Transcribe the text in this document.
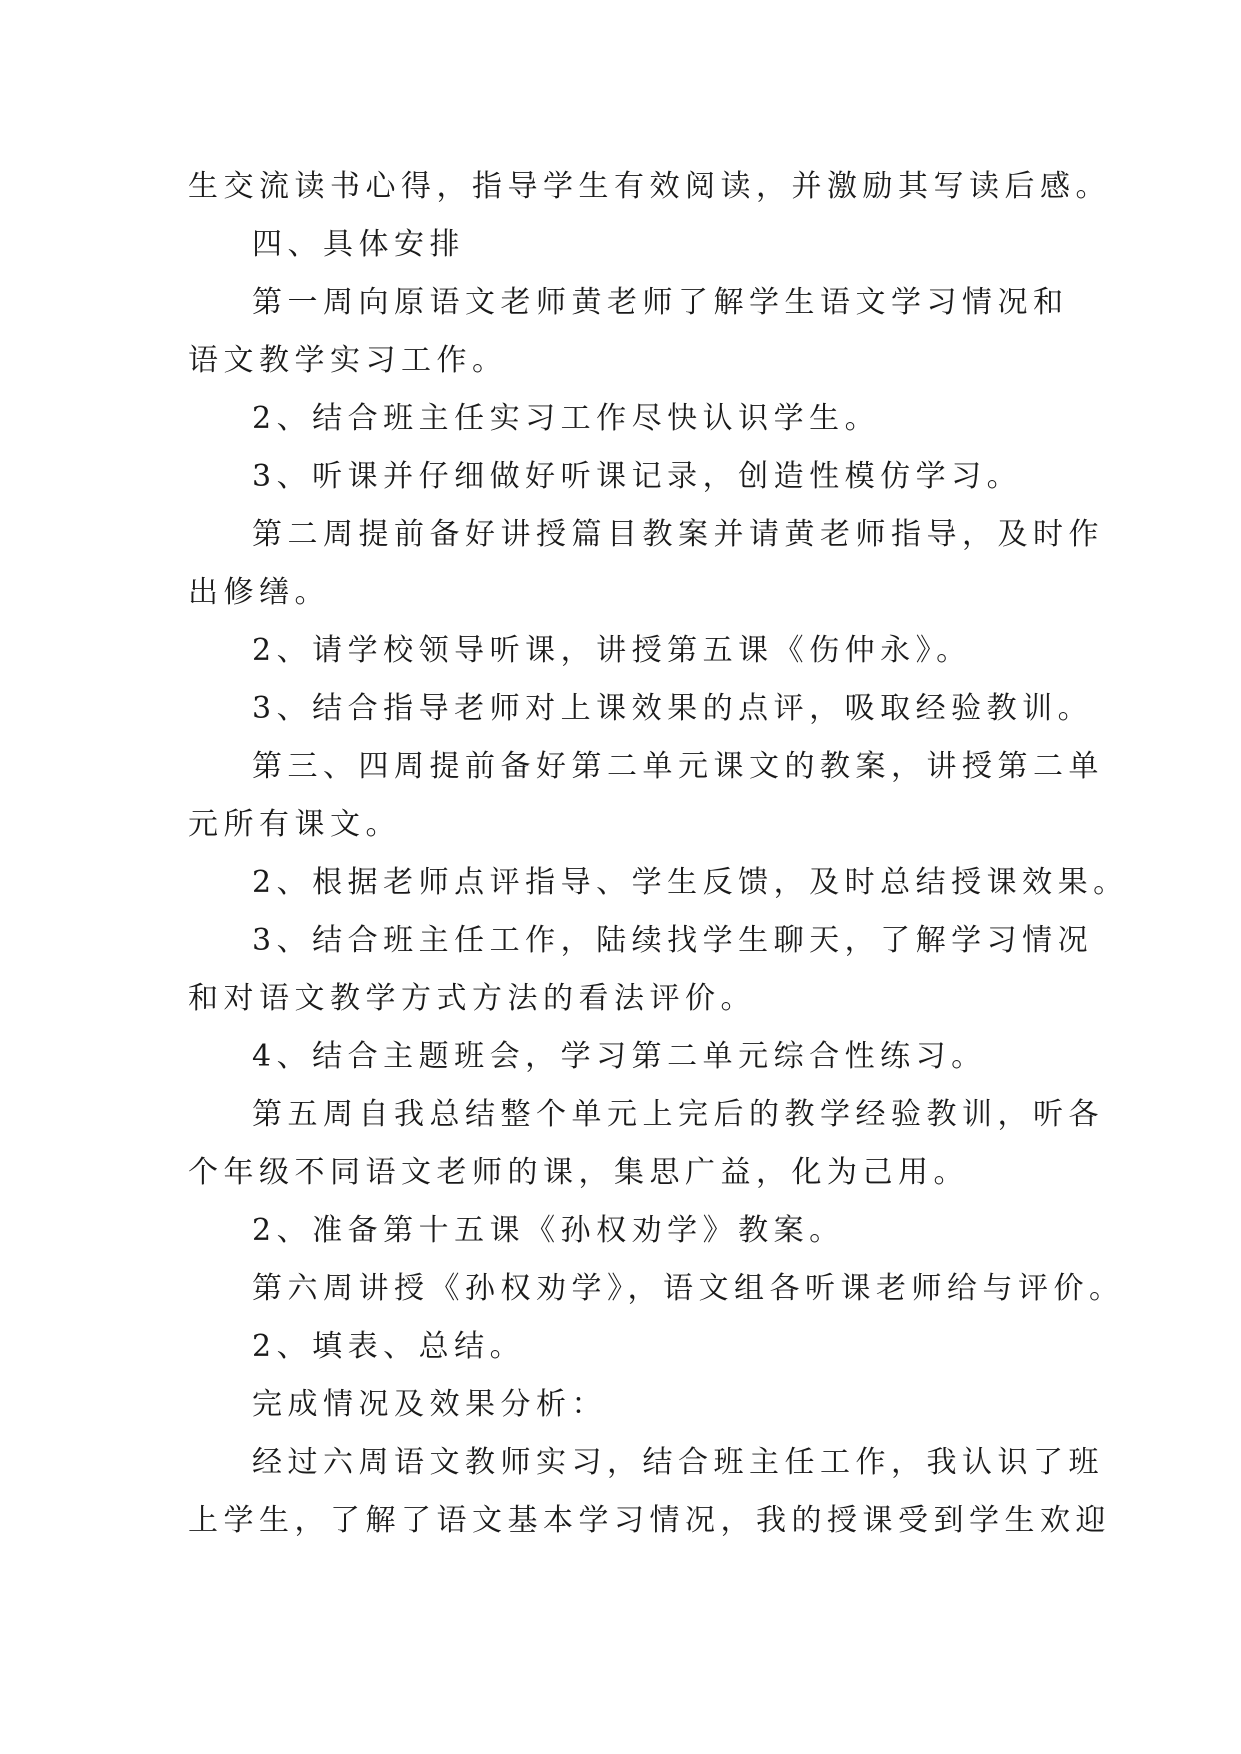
生交流读书心得，指导学生有效阅读，并激励其写读后感。
四、具体安排
第一周向原语文老师黄老师了解学生语文学习情况和
语文教学实习工作。
2、结合班主任实习工作尽快认识学生。
3、听课并仔细做好听课记录，创造性模仿学习。
第二周提前备好讲授篇目教案并请黄老师指导，及时作
出修缮。
2、请学校领导听课，讲授第五课《伤仲永》。
3、结合指导老师对上课效果的点评，吸取经验教训。
第三、四周提前备好第二单元课文的教案，讲授第二单
元所有课文。
2、根据老师点评指导、学生反馈，及时总结授课效果。
3、结合班主任工作，陆续找学生聊天，了解学习情况
和对语文教学方式方法的看法评价。
4、结合主题班会，学习第二单元综合性练习。
第五周自我总结整个单元上完后的教学经验教训，听各
个年级不同语文老师的课，集思广益，化为己用。
2、准备第十五课《孙权劝学》教案。
第六周讲授《孙权劝学》，语文组各听课老师给与评价。
2、填表、总结。
完成情况及效果分析：
经过六周语文教师实习，结合班主任工作，我认识了班
上学生，了解了语文基本学习情况，我的授课受到学生欢迎
